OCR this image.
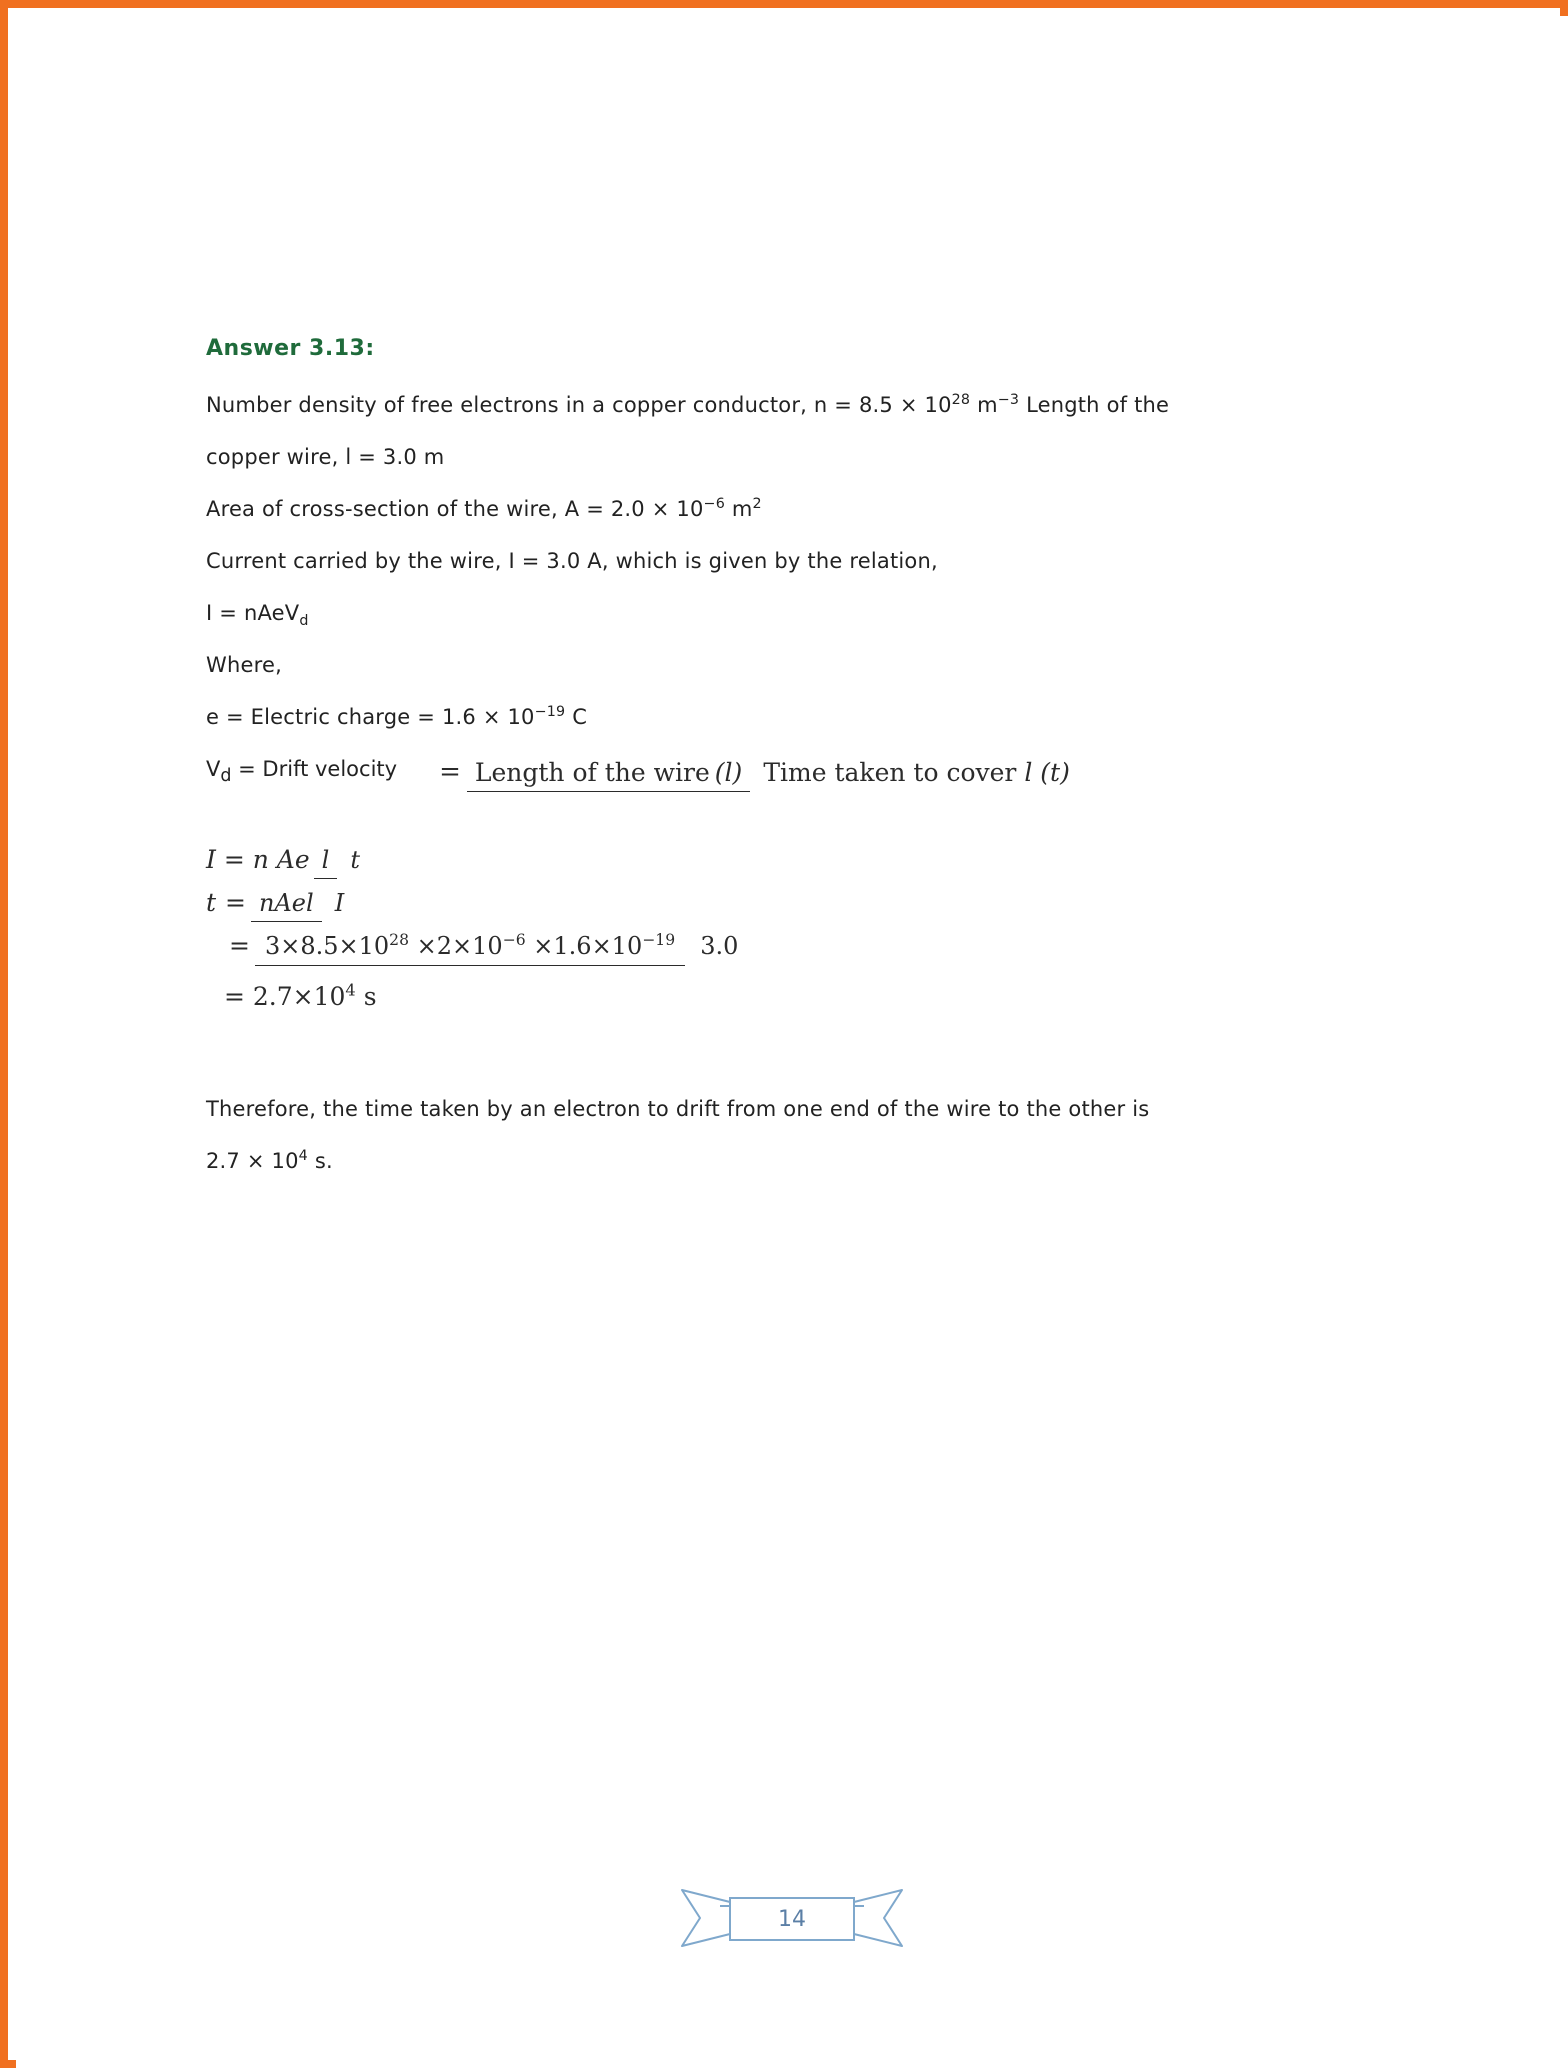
Answer 3.13:
Number density of free electrons in a copper conductor, $n = 8.5 \times 10^{28}$ $m^{-3}$ Length of the
copper wire, l = 3.0 m
Area of cross-section of the wire, $A = 2.0 \times 10^{-6}$ $m^2$
Current carried by the wire, I = 3.0 A, which is given by the relation,
I = nAeV$_d$
Where,
e = Electric charge = $1.6 \times 10^{-19}$ C
$V_d$ = Drift velocity = Length of the wire (l) Time taken to cover l (t)
I = n Ae l t
t = nAel I
= $3\times 8.5\times 10^{28} \times 2\times 10^{-6} \times 1.6\times 10^{-19}$ 3.0
= $2.7\times 10^4$ s
Therefore, the time taken by an electron to drift from one end of the wire to the other is
$2.7 \times 10^4$ s.
14
